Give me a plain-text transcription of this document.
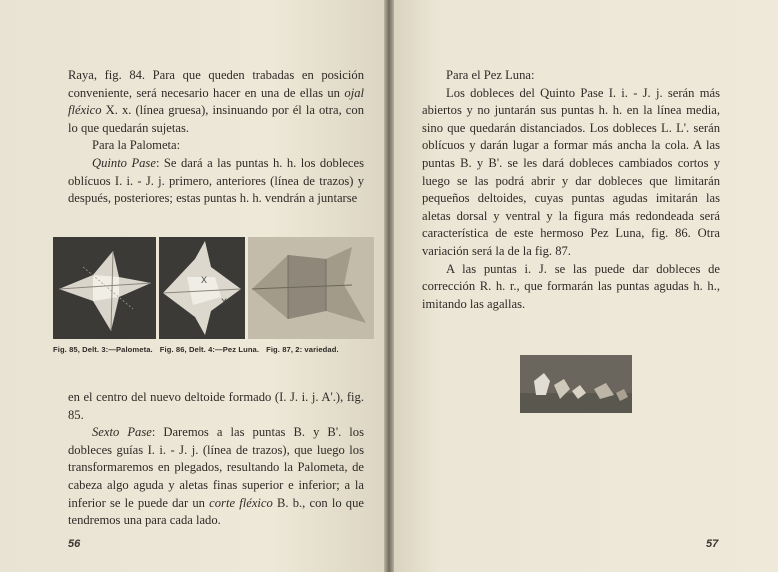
Raya, fig. 84. Para que queden trabadas en posición conveniente, será necesario hacer en una de ellas un ojal fléxico X. x. (línea gruesa), insinuando por él la otra, con lo que quedarán sujetas.

Para la Palometa:

Quinto Pase: Se dará a las puntas h. h. los dobleces oblícuos I. i. - J. j. primero, anteriores (línea de trazos) y después, posteriores; estas puntas h. h. vendrán a juntarse

X
X
Fig. 85, Delt. 3:—Palometa. Fig. 86, Delt. 4:—Pez Luna. Fig. 87, 2: variedad.

en el centro del nuevo deltoide formado (I. J. i. j. A'.), fig. 85.

Sexto Pase: Daremos a las puntas B. y B'. los dobleces guías I. i. - J. j. (línea de trazos), que luego los transformaremos en plegados, resultando la Palometa, de cabeza algo aguda y aletas finas superior e inferior; a la inferior se le puede dar un corte fléxico B. b., con lo que tendremos una para cada lado.

56

Para el Pez Luna:

Los dobleces del Quinto Pase I. i. - J. j. serán más abiertos y no juntarán sus puntas h. h. en la línea media, sino que quedarán distanciados. Los dobleces L. L'. serán oblícuos y darán lugar a formar más ancha la cola. A las puntas B. y B'. se les dará dobleces cambiados cortos y luego se las podrá abrir y dar dobleces que limitarán pequeños deltoides, cuyas puntas agudas imitarán las aletas dorsal y ventral y la figura más redondeada será característica de este hermoso Pez Luna, fig. 86. Otra variación será la de la fig. 87.

A las puntas i. J. se las puede dar dobleces de corrección R. h. r., que formarán las puntas agudas h. h., imitando las agallas.

57
